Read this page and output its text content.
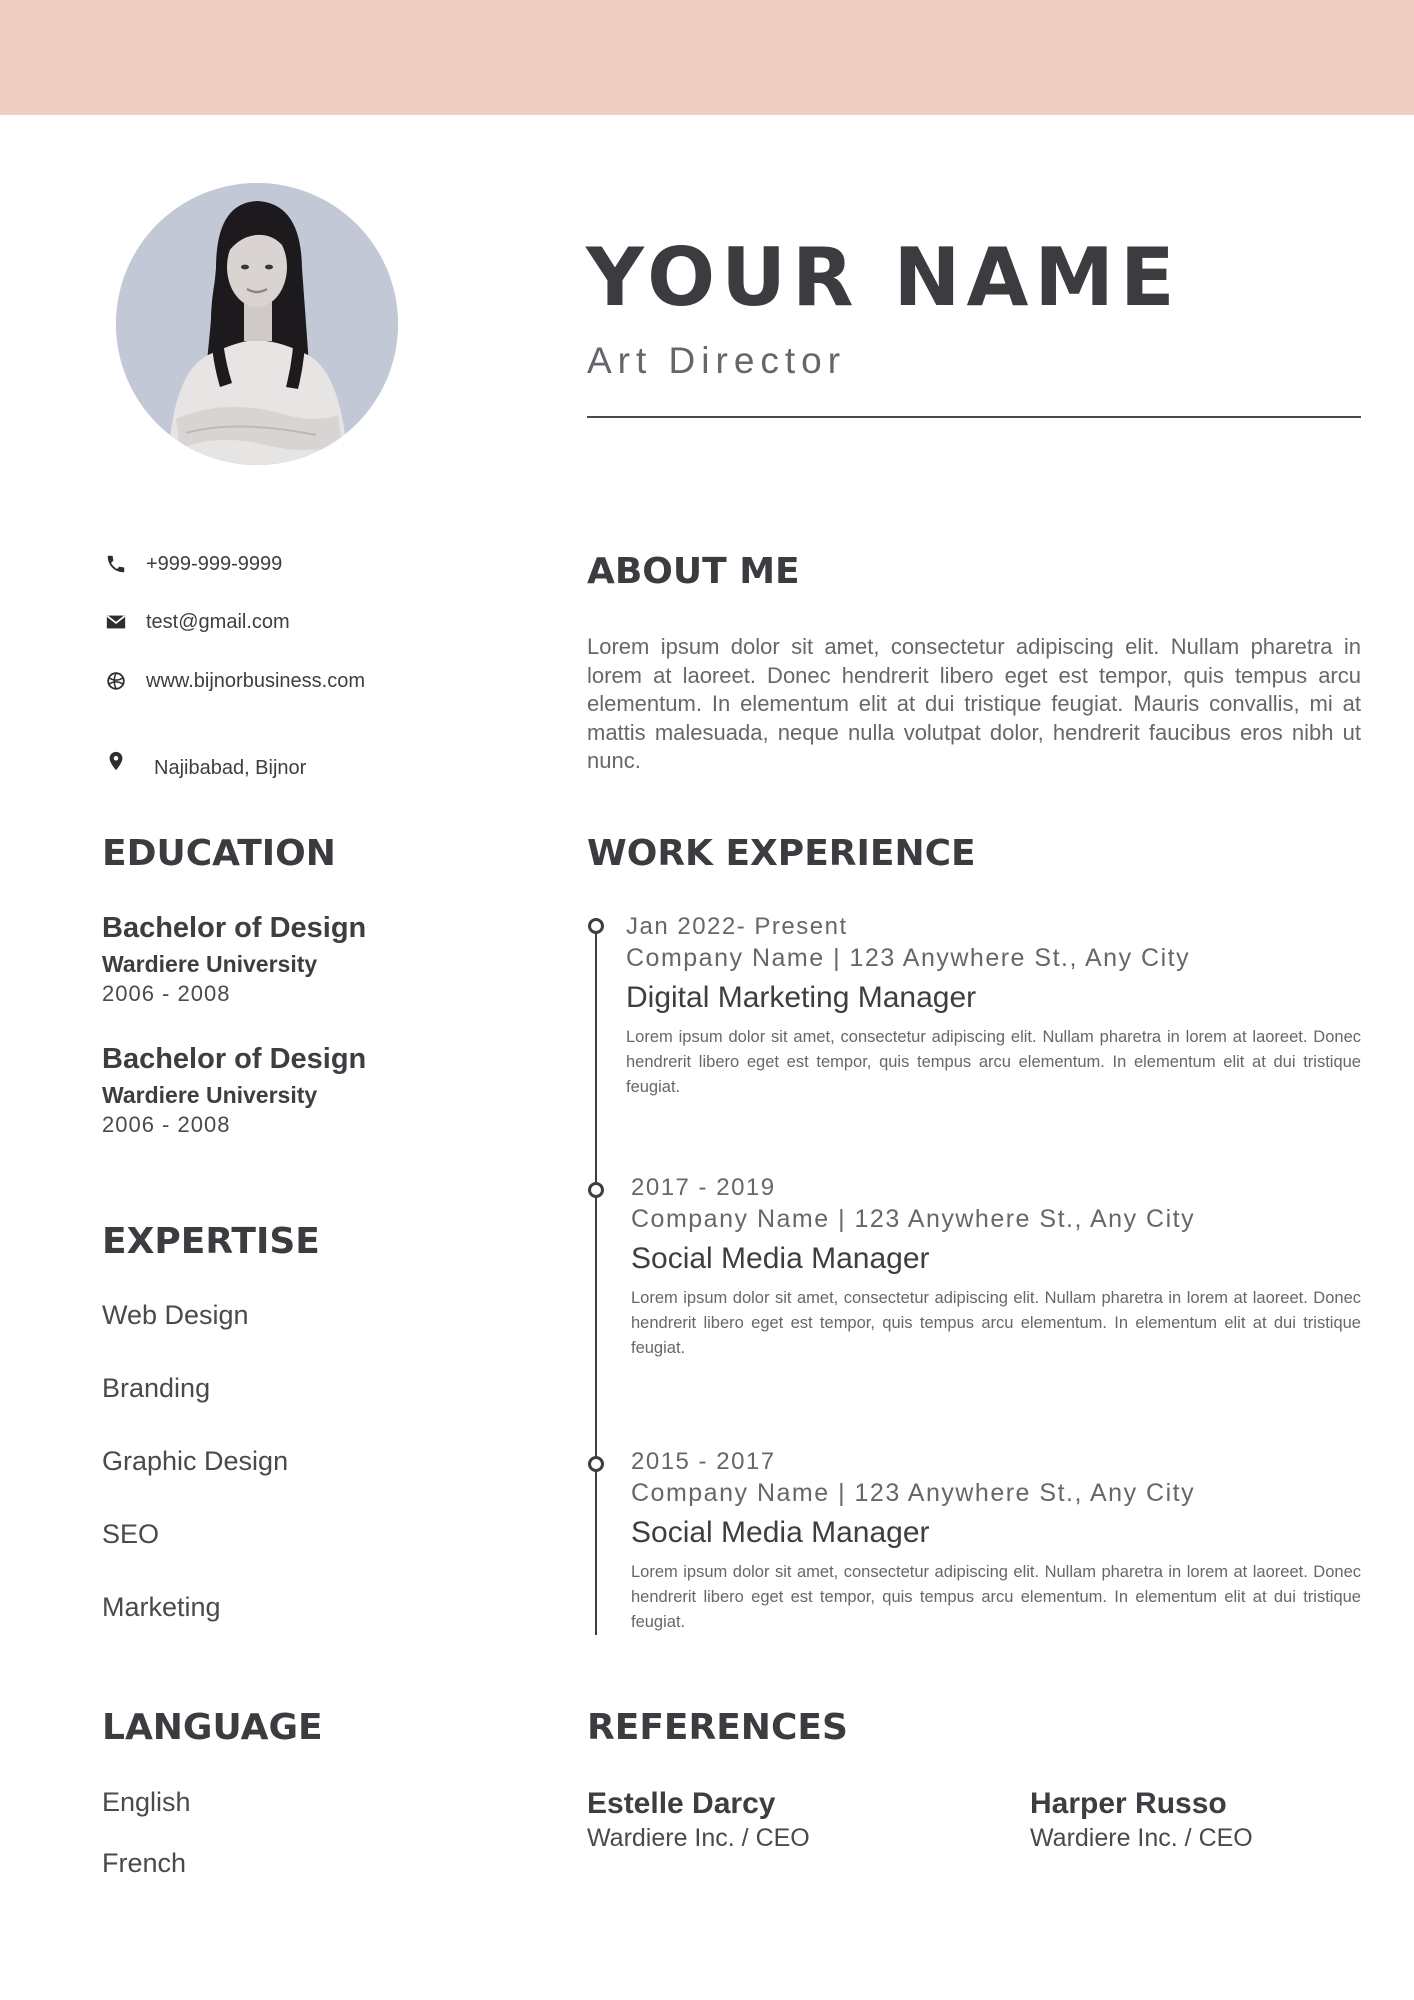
YOUR NAME
Art Director
+999-999-9999
test@gmail.com
www.bijnorbusiness.com
Najibabad, Bijnor
ABOUT ME

Lorem ipsum dolor sit amet, consectetur adipiscing elit. Nullam pharetra in lorem at laoreet. Donec hendrerit libero eget est tempor, quis tempus arcu elementum. In elementum elit at dui tristique feugiat. Mauris convallis, mi at mattis malesuada, neque nulla volutpat dolor, hendrerit faucibus eros nibh ut nunc.

EDUCATION
Bachelor of Design
Wardiere University
2006 - 2008
Bachelor of Design
Wardiere University
2006 - 2008
EXPERTISE
Web Design
Branding
Graphic Design
SEO
Marketing
LANGUAGE
English
French
WORK EXPERIENCE
Jan 2022- Present
Company Name | 123 Anywhere St., Any City
Digital Marketing Manager

Lorem ipsum dolor sit amet, consectetur adipiscing elit. Nullam pharetra in lorem at laoreet. Donec hendrerit libero eget est tempor, quis tempus arcu elementum. In elementum elit at dui tristique feugiat.

2017 - 2019
Company Name | 123 Anywhere St., Any City
Social Media Manager

Lorem ipsum dolor sit amet, consectetur adipiscing elit. Nullam pharetra in lorem at laoreet. Donec hendrerit libero eget est tempor, quis tempus arcu elementum. In elementum elit at dui tristique feugiat.

2015 - 2017
Company Name | 123 Anywhere St., Any City
Social Media Manager

Lorem ipsum dolor sit amet, consectetur adipiscing elit. Nullam pharetra in lorem at laoreet. Donec hendrerit libero eget est tempor, quis tempus arcu elementum. In elementum elit at dui tristique feugiat.

REFERENCES
Estelle Darcy
Wardiere Inc. / CEO
Harper Russo
Wardiere Inc. / CEO
